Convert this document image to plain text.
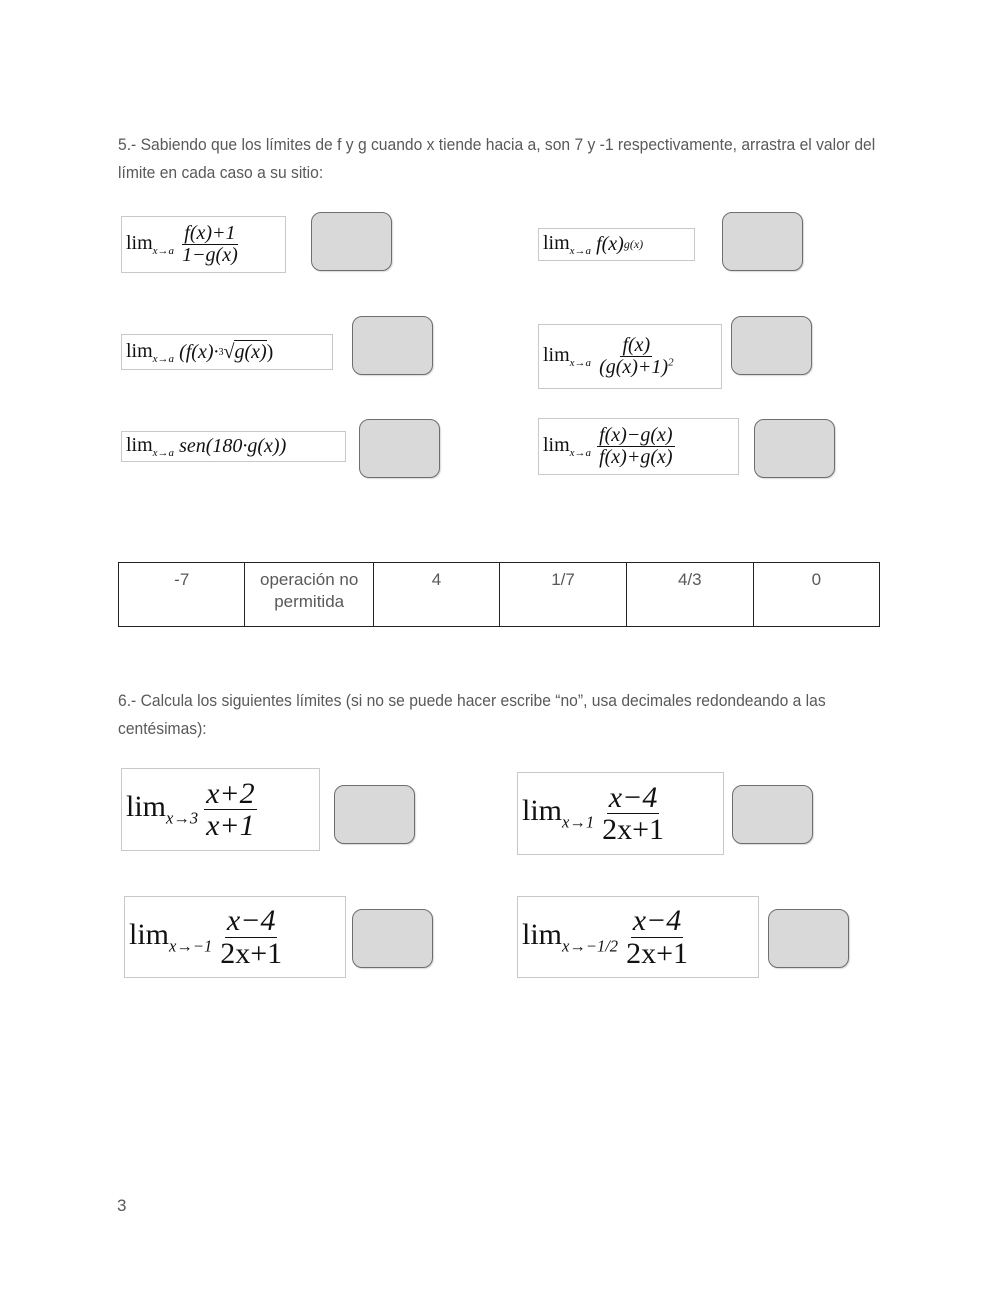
5.- Sabiendo que los límites de f y g cuando x tiende hacia a, son 7 y -1 respectivamente, arrastra el valor del límite en cada caso a su sitio:
$\lim_{x\to a} \frac{f(x)+1}{1-g(x)}$	$\lim_{x\to a} f(x)$ g(x)
$\lim_{x\to a} (f(x)\cdot 3$ √ g(x) )	$\lim_{x\to a} \frac{f(x)}{(g(x)+1)^2}$
$\lim_{x\to a} sen(180\cdot g(x))$	$\lim_{x\to a} \frac{f(x)-g(x)}{f(x)+g(x)}$
-7	operación no permitida	4	1/7	4/3	0
6.- Calcula los siguientes límites (si no se puede hacer escribe “no”, usa decimales redondeando a las centésimas):
$\lim_{x\to 3} \frac{x+2}{x+1}$	$\lim_{x\to 1} \frac{x-4}{2x+1}$
$\lim_{x\to-1} \frac{x-4}{2x+1}$	$\lim_{x\to-1/2} \frac{x-4}{2x+1}$
3
